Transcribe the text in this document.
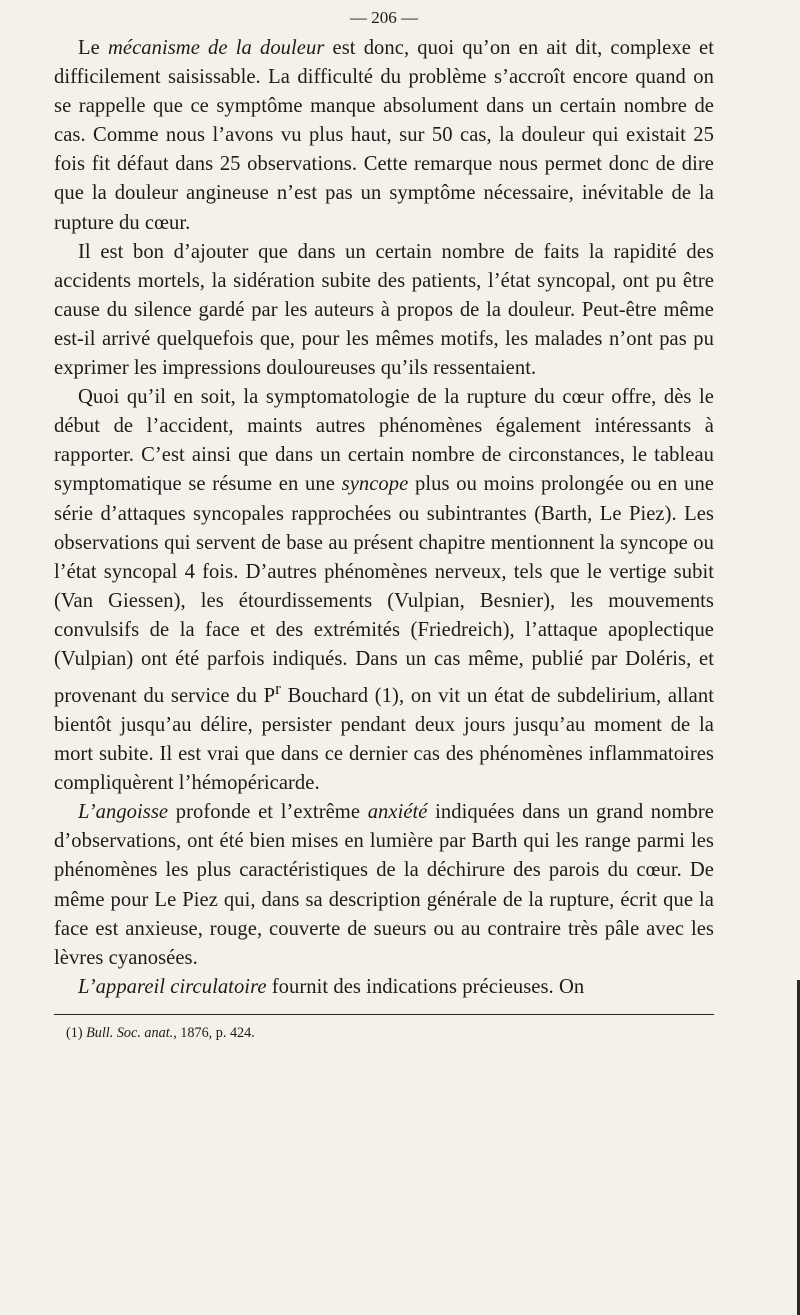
— 206 —

Le mécanisme de la douleur est donc, quoi qu’on en ait dit, complexe et difficilement saisissable. La difficulté du problème s’accroît encore quand on se rappelle que ce symptôme manque absolument dans un certain nombre de cas. Comme nous l’avons vu plus haut, sur 50 cas, la douleur qui existait 25 fois fit défaut dans 25 observations. Cette remarque nous permet donc de dire que la douleur angineuse n’est pas un symptôme nécessaire, inévitable de la rupture du cœur.

Il est bon d’ajouter que dans un certain nombre de faits la rapidité des accidents mortels, la sidération subite des patients, l’état syncopal, ont pu être cause du silence gardé par les auteurs à propos de la douleur. Peut-être même est-il arrivé quelquefois que, pour les mêmes motifs, les malades n’ont pas pu exprimer les impressions douloureuses qu’ils ressentaient.

Quoi qu’il en soit, la symptomatologie de la rupture du cœur offre, dès le début de l’accident, maints autres phénomènes également intéressants à rapporter. C’est ainsi que dans un certain nombre de circonstances, le tableau symptomatique se résume en une syncope plus ou moins prolongée ou en une série d’attaques syncopales rapprochées ou subintrantes (Barth, Le Piez). Les observations qui servent de base au présent chapitre mentionnent la syncope ou l’état syncopal 4 fois. D’autres phénomènes nerveux, tels que le vertige subit (Van Giessen), les étourdissements (Vulpian, Besnier), les mouvements convulsifs de la face et des extrémités (Friedreich), l’attaque apoplectique (Vulpian) ont été parfois indiqués. Dans un cas même, publié par Doléris, et provenant du service du $P^r$ Bouchard (1), on vit un état de subdelirium, allant bientôt jusqu’au délire, persister pendant deux jours jusqu’au moment de la mort subite. Il est vrai que dans ce dernier cas des phénomènes inflammatoires compliquèrent l’hémopéricarde.

L’angoisse profonde et l’extrême anxiété indiquées dans un grand nombre d’observations, ont été bien mises en lumière par Barth qui les range parmi les phénomènes les plus caractéristiques de la déchirure des parois du cœur. De même pour Le Piez qui, dans sa description générale de la rupture, écrit que la face est anxieuse, rouge, couverte de sueurs ou au contraire très pâle avec les lèvres cyanosées.

L’appareil circulatoire fournit des indications précieuses. On

(1) Bull. Soc. anat., 1876, p. 424.
